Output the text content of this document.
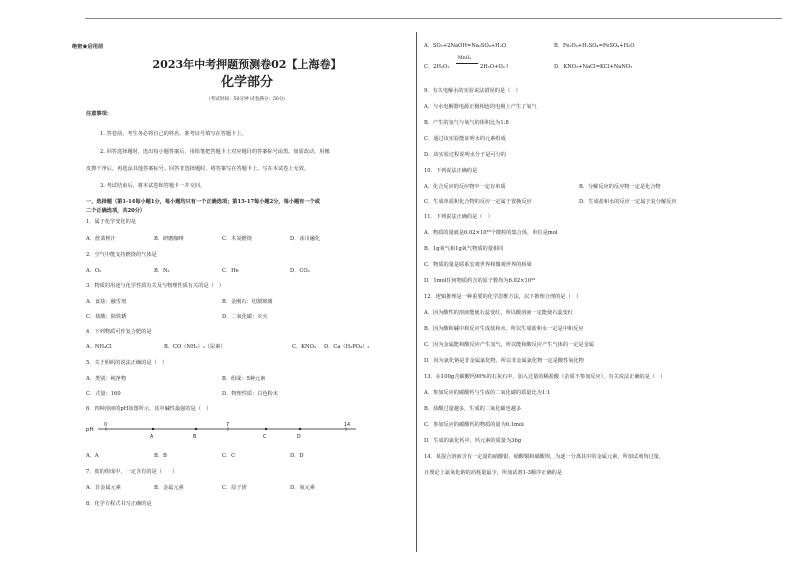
绝密★启用前
2023年中考押题预测卷02【上海卷】
化学部分
（考试时间：50分钟 试卷满分：50分）
注意事项：
1. 答卷前，考生务必将自己的姓名、准考证号填写在答题卡上。
2. 回答选择题时，选出每小题答案后，用铅笔把答题卡上对应题目的答案标号涂黑。如需改动，用橡
皮擦干净后，再选涂其他答案标号。回答非选择题时，将答案写在答题卡上。写在本试卷上无效。
3. 考试结束后，将本试卷和答题卡一并交回。
一、选择题（第1-14每小题1分，每小题均只有一个正确选项；第15-17每小题2分，每小题有一个或
二个正确选项，共20分）
1．属于化学变化的是
A．蔗菜榨汁	B．研磨咖啡	C．木炭燃烧	D．冰川融化
2．空气中能支持燃烧的气体是
A．O₂	B．N₂	C．He	D．CO₂
3．物质的用途与化学性质有关及与物理性质有关的是（　）
A．食盐：融雪剂	B．金刚石：切割玻璃
C．盐酸：除铁锈	D．二氧化碳：灭火
4．下列物质可作复合肥的是
A．NH₄Cl	B．CO（NH₂）₂（尿素）	C．KNO₃ D．Ca（H₂PO₄）₂
5．关于胆矾的说法正确的是（　）
A．类别：纯净物	B．组成：5种元素
C．式量：160	D．物理性质：白色粉末
6．四种溶液的pH如图所示，其中碱性最强的是（　）
pH
0	7	14
A	B	C	D
A．A	B．B	C．C	D．D
7．盐的组成中，一定含有的是（　　）
A．非金属元素	B．金属元素	C．原子团	D．氧元素
8．化学方程式书写正确的是
A．SO₂+2NaOH=Na₂SO₄+H₂O	B．Fe₂O₃+H₂SO₄=FeSO₄+H₂O
C．2H₂O₂
MnO₂
2H₂O+O₂↑	D．KNO₃+NaCl=KCl+NaNO₃
9．有关电解水的实验说法错误的是（　）
A．与水电解器电源正极相连的电极上产生了氧气
B．产生的氢气与氧气的体积比为1:8
C．通过该实验能证明水的元素组成
D．该实验过程说明水分子是可分的
10．下列说法正确的是
A．化合反应的反应物中一定有单质	B．分解反应的反应物一定是化合物
C．生成单质和化合物的反应一定属于置换反应	D．生成盐和水的反应一定属于复分解反应
11．下列说法正确的是（　）
A．物质的量就是6.02×10²³个微粒的集合体，单位是mol
B．1g氧气和1g氧气物质的量相同
C．物质的量是联系宏观世界和微观世界的桥梁
D．1mol任何物质约含的原子数均为6.02×10²³
12．逻辑推理是一种重要的化学思维方法，以下推理合理的是（　）
A．因为酸性的溶液能使石蕊变红，所以酸溶液一定能使石蕊变红
B．因为酸和碱中和反应生成盐和水，所以生成盐和水一定是中和反应
C．因为金属能和酸反应产生氢气，所以能和酸反应产生气体的一定是金属
D．因为氯化钠是非金属氯化物，所以非金属氯化物一定是酸性氧化物
13．在100g含碳酸钙90%的石灰石中，加入过量的稀盐酸（杂质不参加反应），有关说法正确的是（　）
A．参加反应的碳酸钙与生成的二氧化碳的质量比为1:1
B．盐酸过量越多，生成的二氧化碳也越多
C．参加反应的碳酸钙的物质的量为0.1mol
D．生成的氯化钙中，钙元素的质量为36g
14．某混合溶液含有一定量的硝酸银、硝酸铜和硝酸钡，为逐一分离其中的金属元素，所加试剂均过量，
且理论上氯氧化钠的消耗量最少，所加试剂1-3顺序正确的是
